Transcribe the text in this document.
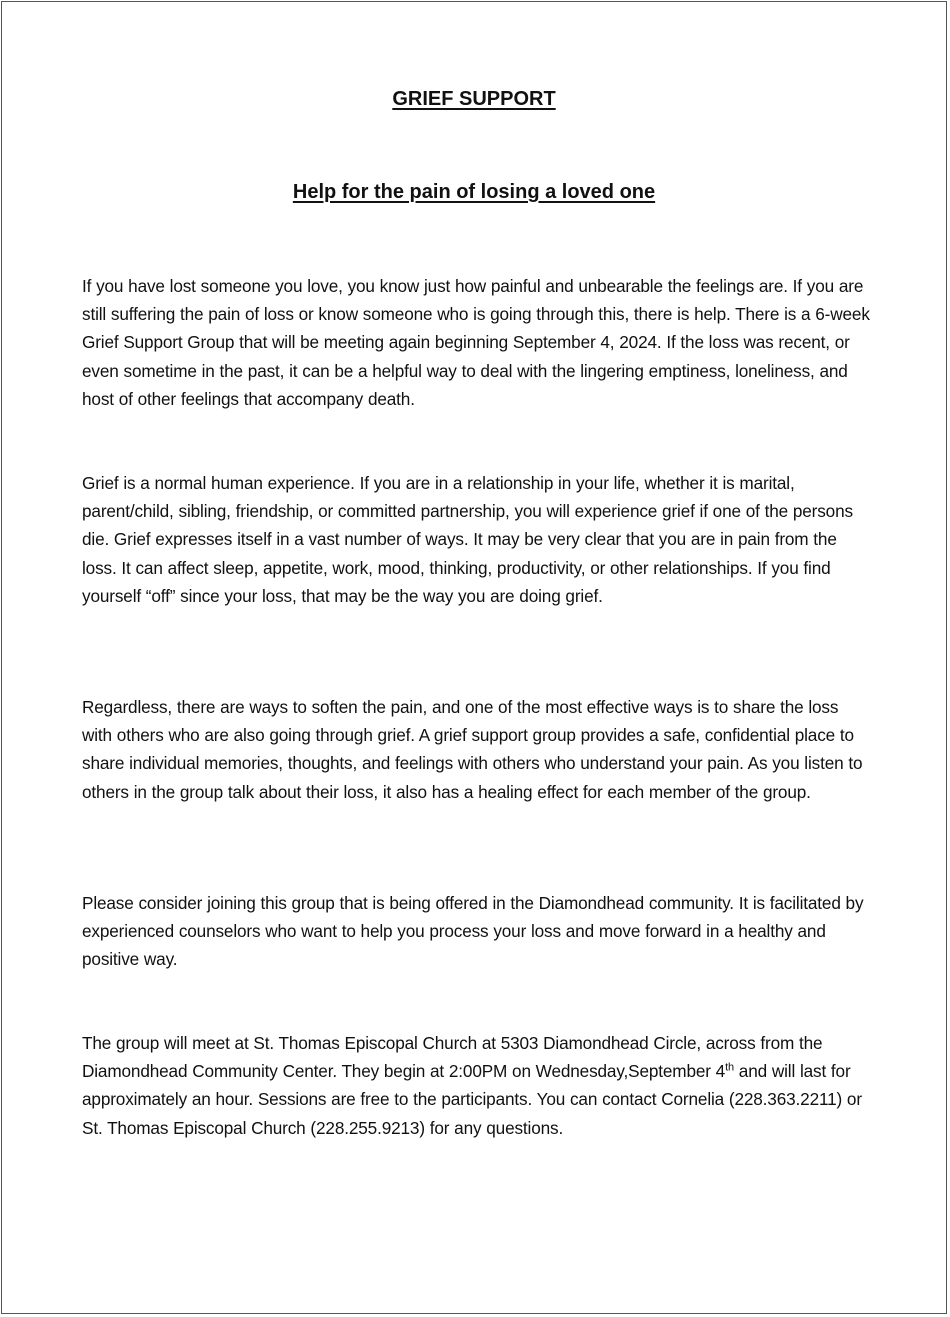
GRIEF SUPPORT
Help for the pain of losing a loved one

If you have lost someone you love, you know just how painful and unbearable the feelings are. If you are still suffering the pain of loss or know someone who is going through this, there is help. There is a 6-week Grief Support Group that will be meeting again beginning September 4, 2024. If the loss was recent, or even sometime in the past, it can be a helpful way to deal with the lingering emptiness, loneliness, and host of other feelings that accompany death.

Grief is a normal human experience. If you are in a relationship in your life, whether it is marital, parent/child, sibling, friendship, or committed partnership, you will experience grief if one of the persons die. Grief expresses itself in a vast number of ways. It may be very clear that you are in pain from the loss. It can affect sleep, appetite, work, mood, thinking, productivity, or other relationships. If you find yourself “off” since your loss, that may be the way you are doing grief.

Regardless, there are ways to soften the pain, and one of the most effective ways is to share the loss with others who are also going through grief. A grief support group provides a safe, confidential place to share individual memories, thoughts, and feelings with others who understand your pain. As you listen to others in the group talk about their loss, it also has a healing effect for each member of the group.

Please consider joining this group that is being offered in the Diamondhead community. It is facilitated by experienced counselors who want to help you process your loss and move forward in a healthy and positive way.

The group will meet at St. Thomas Episcopal Church at 5303 Diamondhead Circle, across from the Diamondhead Community Center. They begin at 2:00PM on Wednesday,September 4th and will last for approximately an hour. Sessions are free to the participants. You can contact Cornelia (228.363.2211) or St. Thomas Episcopal Church (228.255.9213) for any questions.
